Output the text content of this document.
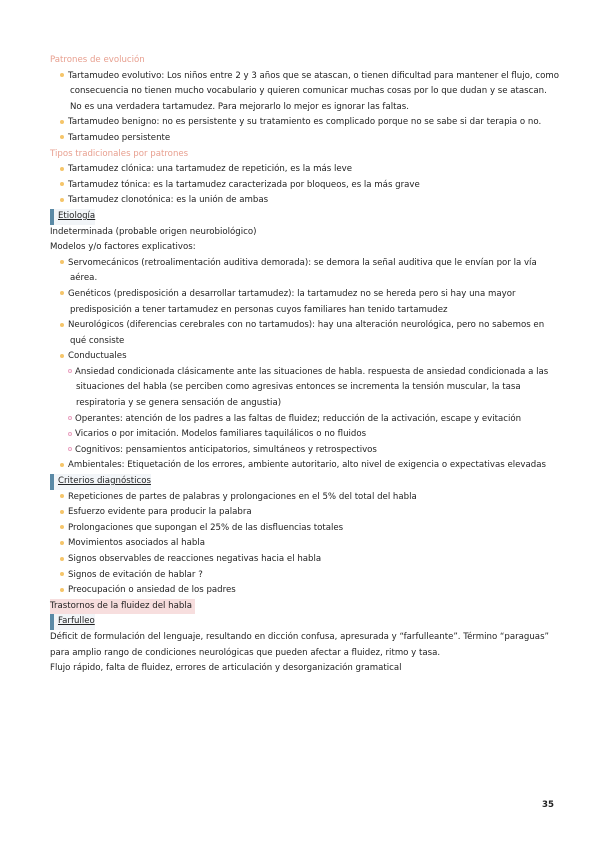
Patrones de evolución
Tartamudeo evolutivo: Los niños entre 2 y 3 años que se atascan, o tienen dificultad para mantener el flujo, como consecuencia no tienen mucho vocabulario y quieren comunicar muchas cosas por lo que dudan y se atascan. No es una verdadera tartamudez. Para mejorarlo lo mejor es ignorar las faltas.
Tartamudeo benigno: no es persistente y su tratamiento es complicado porque no se sabe si dar terapia o no.
Tartamudeo persistente
Tipos tradicionales por patrones
Tartamudez clónica: una tartamudez de repetición, es la más leve
Tartamudez tónica: es la tartamudez caracterizada por bloqueos, es la más grave
Tartamudez clonotónica: es la unión de ambas
Etiología
Indeterminada (probable origen neurobiológico)
Modelos y/o factores explicativos:
Servomecánicos (retroalimentación auditiva demorada): se demora la señal auditiva que le envían por la vía aérea.
Genéticos (predisposición a desarrollar tartamudez): la tartamudez no se hereda pero si hay una mayor predisposición a tener tartamudez en personas cuyos familiares han tenido tartamudez
Neurológicos (diferencias cerebrales con no tartamudos): hay una alteración neurológica, pero no sabemos en qué consiste
Conductuales
Ansiedad condicionada clásicamente ante las situaciones de habla. respuesta de ansiedad condicionada a las situaciones del habla (se perciben como agresivas entonces se incrementa la tensión muscular, la tasa respiratoria y se genera sensación de angustia)
Operantes: atención de los padres a las faltas de fluidez; reducción de la activación, escape y evitación
Vicarios o por imitación. Modelos familiares taquilálicos o no fluidos
Cognitivos: pensamientos anticipatorios, simultáneos y retrospectivos
Ambientales: Etiquetación de los errores, ambiente autoritario, alto nivel de exigencia o expectativas elevadas
Criterios diagnósticos
Repeticiones de partes de palabras y prolongaciones en el 5% del total del habla
Esfuerzo evidente para producir la palabra
Prolongaciones que supongan el 25% de las disfluencias totales
Movimientos asociados al habla
Signos observables de reacciones negativas hacia el habla
Signos de evitación de hablar ?
Preocupación o ansiedad de los padres
Trastornos de la fluidez del habla
Farfulleo
Déficit de formulación del lenguaje, resultando en dicción confusa, apresurada y “farfulleante”. Término “paraguas” para amplio rango de condiciones neurológicas que pueden afectar a fluidez, ritmo y tasa.
Flujo rápido, falta de fluidez, errores de articulación y desorganización gramatical
35
